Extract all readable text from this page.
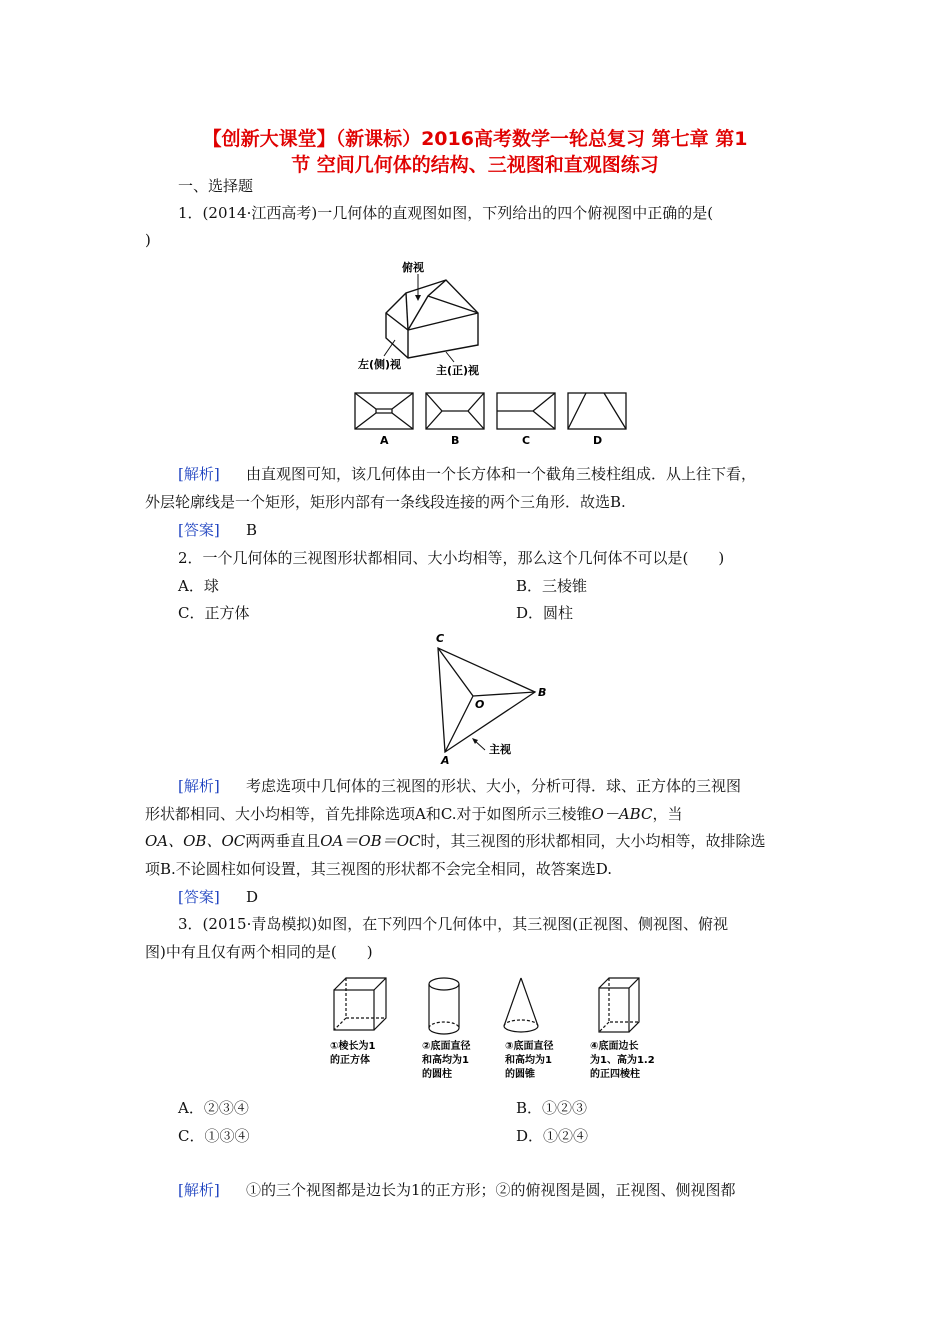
【创新大课堂】（新课标）2016高考数学一轮总复习 第七章 第1
节 空间几何体的结构、三视图和直观图练习
一、选择题
1．(2014·江西高考)一几何体的直观图如图，下列给出的四个俯视图中正确的是(
)
俯视
左(侧)视	主(正)视
A	B	C	D
[解析] 由直观图可知，该几何体由一个长方体和一个截角三棱柱组成．从上往下看，
外层轮廓线是一个矩形，矩形内部有一条线段连接的两个三角形．故选B.
[答案] B
2．一个几何体的三视图形状都相同、大小均相等，那么这个几何体不可以是(　　)
A．球	B．三棱锥
C．正方体	D．圆柱
C
B
O
A
主视
[解析] 考虑选项中几何体的三视图的形状、大小，分析可得．球、正方体的三视图
形状都相同、大小均相等，首先排除选项A和C.对于如图所示三棱锥O－ABC，当
OA、OB、OC两两垂直且OA＝OB＝OC时，其三视图的形状都相同，大小均相等，故排除选
项B.不论圆柱如何设置，其三视图的形状都不会完全相同，故答案选D.
[答案] D
3．(2015·青岛模拟)如图，在下列四个几何体中，其三视图(正视图、侧视图、俯视
图)中有且仅有两个相同的是(　　)
①棱长为1
的正方体
②底面直径
和高均为1
的圆柱
③底面直径
和高均为1
的圆锥
④底面边长
为1、高为1.2
的正四棱柱
A．②③④	B．①②③
C．①③④	D．①②④
[解析] ①的三个视图都是边长为1的正方形；②的俯视图是圆，正视图、侧视图都
